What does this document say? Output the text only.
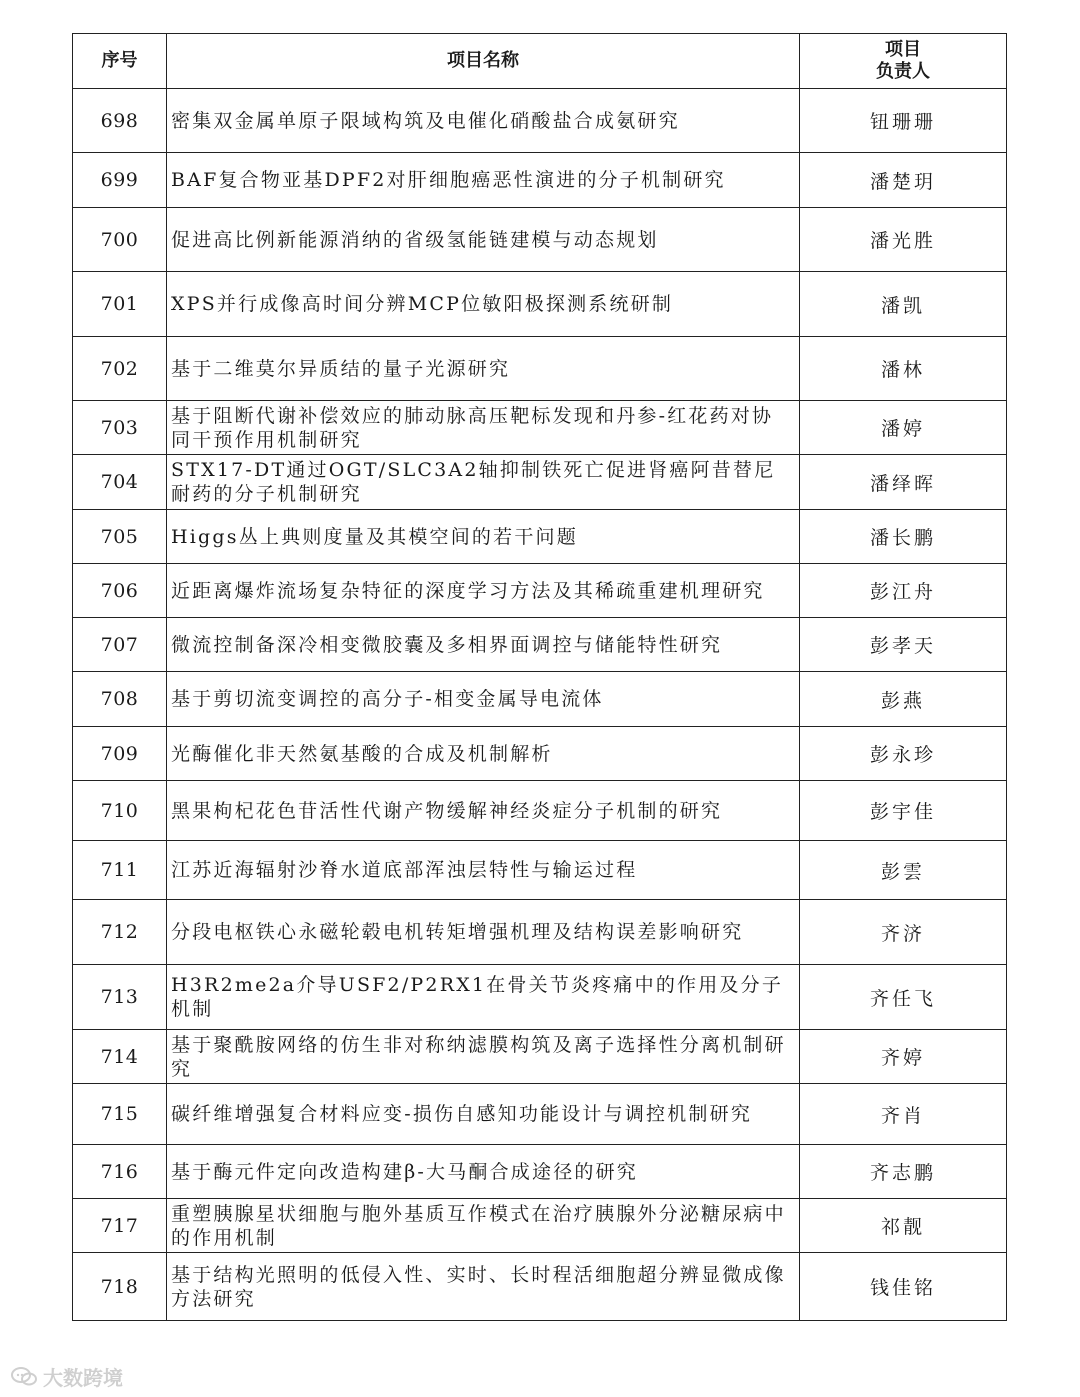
序号	项目名称	项目
负责人

698	密集双金属单原子限域构筑及电催化硝酸盐合成氨研究	钮珊珊
699	BAF复合物亚基DPF2对肝细胞癌恶性演进的分子机制研究	潘楚玥
700	促进高比例新能源消纳的省级氢能链建模与动态规划	潘光胜
701	XPS并行成像高时间分辨MCP位敏阳极探测系统研制	潘凯
702	基于二维莫尔异质结的量子光源研究	潘林
703	基于阻断代谢补偿效应的肺动脉高压靶标发现和丹参-红花药对协同干预作用机制研究	潘婷
704	STX17-DT通过OGT/SLC3A2轴抑制铁死亡促进肾癌阿昔替尼耐药的分子机制研究	潘绎晖
705	Higgs丛上典则度量及其模空间的若干问题	潘长鹏
706	近距离爆炸流场复杂特征的深度学习方法及其稀疏重建机理研究	彭江舟
707	微流控制备深冷相变微胶囊及多相界面调控与储能特性研究	彭孝天
708	基于剪切流变调控的高分子-相变金属导电流体	彭燕
709	光酶催化非天然氨基酸的合成及机制解析	彭永珍
710	黑果枸杞花色苷活性代谢产物缓解神经炎症分子机制的研究	彭宇佳
711	江苏近海辐射沙脊水道底部浑浊层特性与输运过程	彭雲
712	分段电枢铁心永磁轮毂电机转矩增强机理及结构误差影响研究	齐济
713	H3R2me2a介导USF2/P2RX1在骨关节炎疼痛中的作用及分子机制	齐任飞
714	基于聚酰胺网络的仿生非对称纳滤膜构筑及离子选择性分离机制研究	齐婷
715	碳纤维增强复合材料应变-损伤自感知功能设计与调控机制研究	齐肖
716	基于酶元件定向改造构建β-大马酮合成途径的研究	齐志鹏
717	重塑胰腺星状细胞与胞外基质互作模式在治疗胰腺外分泌糖尿病中的作用机制	祁靓
718	基于结构光照明的低侵入性、实时、长时程活细胞超分辨显微成像方法研究	钱佳铭
大数跨境
